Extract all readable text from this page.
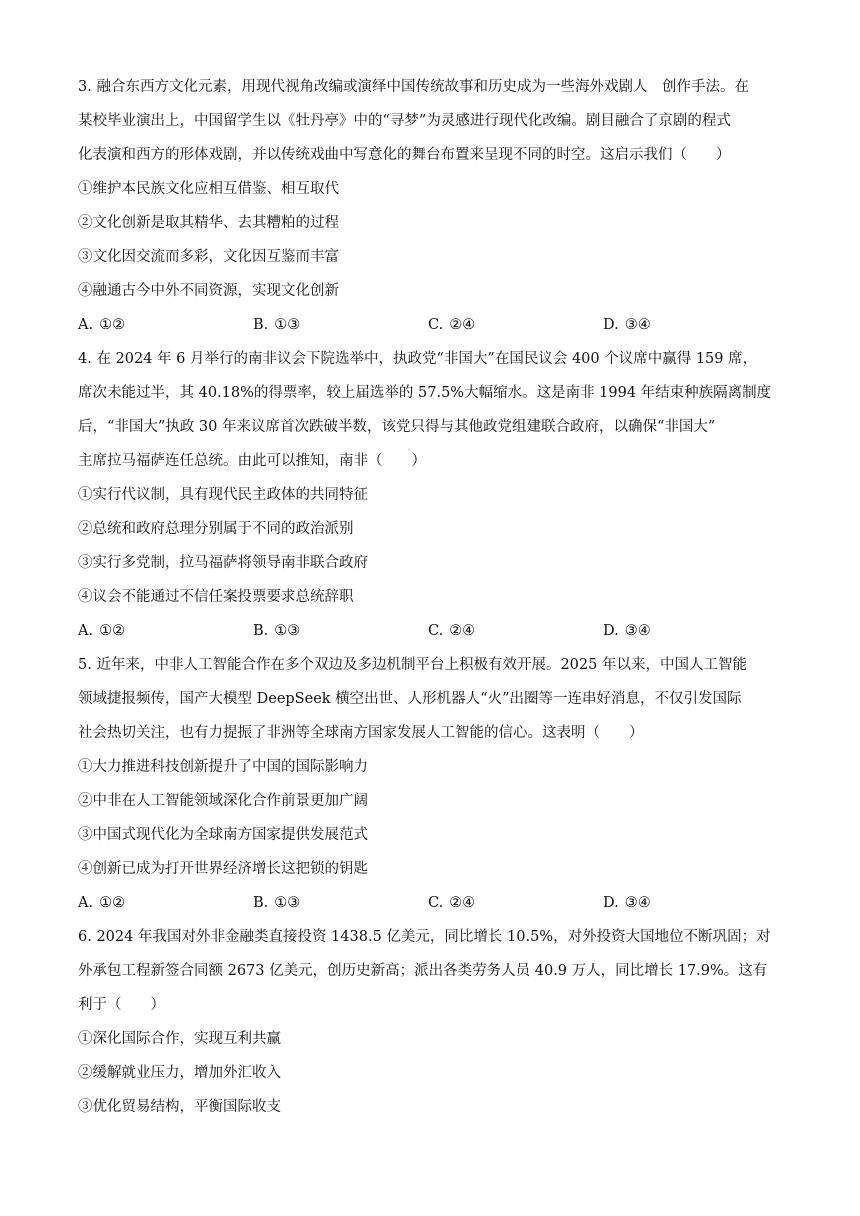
3. 融合东西方文化元素，用现代视角改编或演绎中国传统故事和历史成为一些海外戏剧人　创作手法。在
某校毕业演出上，中国留学生以《牡丹亭》中的“寻梦”为灵感进行现代化改编。剧目融合了京剧的程式
化表演和西方的形体戏剧，并以传统戏曲中写意化的舞台布置来呈现不同的时空。这启示我们（　　）
①维护本民族文化应相互借鉴、相互取代
②文化创新是取其精华、去其糟粕的过程
③文化因交流而多彩，文化因互鉴而丰富
④融通古今中外不同资源，实现文化创新
A. ①②	B. ①③	C. ②④	D. ③④
4. 在 2024 年 6 月举行的南非议会下院选举中，执政党“非国大”在国民议会 400 个议席中赢得 159 席，
席次未能过半，其 40.18%的得票率，较上届选举的 57.5%大幅缩水。这是南非 1994 年结束种族隔离制度
后，“非国大”执政 30 年来议席首次跌破半数，该党只得与其他政党组建联合政府，以确保“非国大”
主席拉马福萨连任总统。由此可以推知，南非（　　）
①实行代议制，具有现代民主政体的共同特征
②总统和政府总理分别属于不同的政治派别
③实行多党制，拉马福萨将领导南非联合政府
④议会不能通过不信任案投票要求总统辞职
A. ①②	B. ①③	C. ②④	D. ③④
5. 近年来，中非人工智能合作在多个双边及多边机制平台上积极有效开展。2025 年以来，中国人工智能
领域捷报频传，国产大模型 DeepSeek 横空出世、人形机器人“火”出圈等一连串好消息，不仅引发国际
社会热切关注，也有力提振了非洲等全球南方国家发展人工智能的信心。这表明（　　）
①大力推进科技创新提升了中国的国际影响力
②中非在人工智能领域深化合作前景更加广阔
③中国式现代化为全球南方国家提供发展范式
④创新已成为打开世界经济增长这把锁的钥匙
A. ①②	B. ①③	C. ②④	D. ③④
6. 2024 年我国对外非金融类直接投资 1438.5 亿美元，同比增长 10.5%，对外投资大国地位不断巩固；对
外承包工程新签合同额 2673 亿美元，创历史新高；派出各类劳务人员 40.9 万人，同比增长 17.9%。这有
利于（　　）
①深化国际合作，实现互利共赢
②缓解就业压力，增加外汇收入
③优化贸易结构，平衡国际收支
